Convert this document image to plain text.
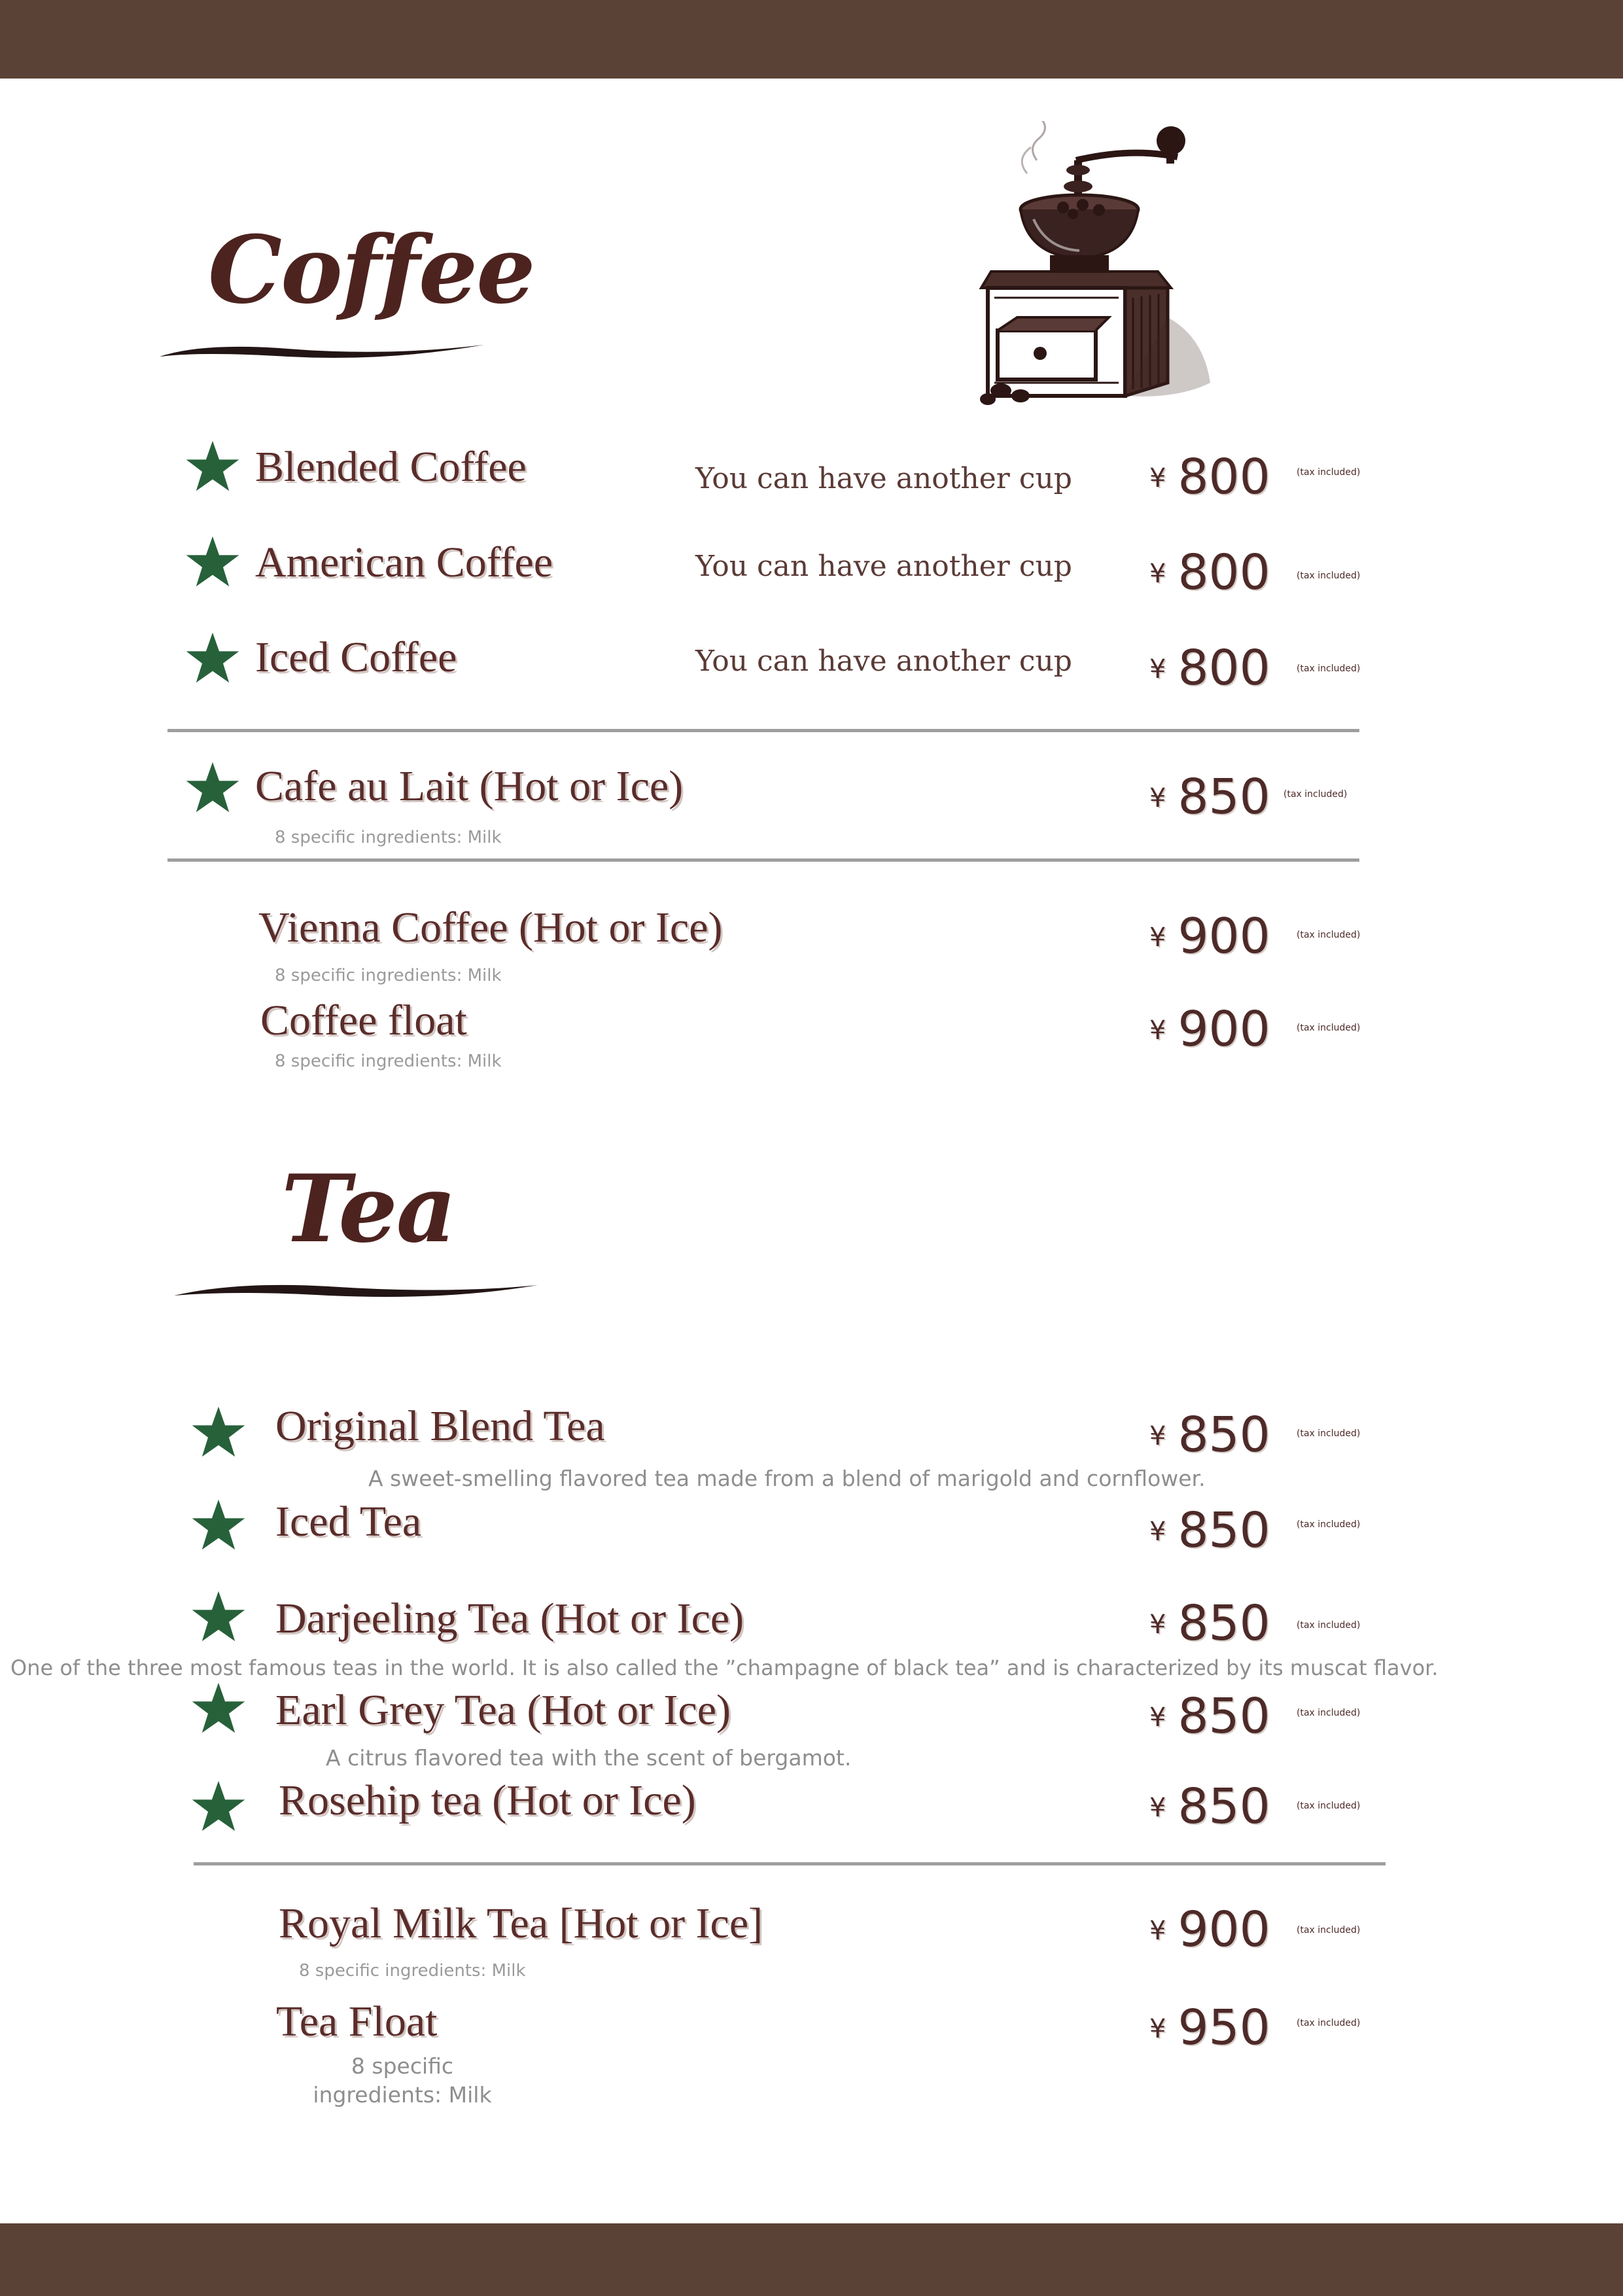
Coffee
Blended Coffee	You can have another cup	¥ 800	(tax included)
American Coffee	You can have another cup	¥ 800	(tax included)
Iced Coffee	You can have another cup	¥ 800	(tax included)
Cafe au Lait (Hot or Ice)
8 specific ingredients: Milk
¥ 850 (tax included)
Vienna Coffee (Hot or Ice)
8 specific ingredients: Milk
¥ 900	(tax included)
Coffee float
8 specific ingredients: Milk
¥ 900	(tax included)
Tea
Original Blend Tea
A sweet-smelling flavored tea made from a blend of marigold and cornflower.
¥ 850	(tax included)
Iced Tea	¥ 850	(tax included)
Darjeeling Tea (Hot or Ice)
One of the three most famous teas in the world. It is also called the ”champagne of black tea” and is characterized by its muscat flavor.
¥ 850	(tax included)
Earl Grey Tea (Hot or Ice)
A citrus flavored tea with the scent of bergamot.
¥ 850	(tax included)
Rosehip tea (Hot or Ice)	¥ 850	(tax included)
Royal Milk Tea [Hot or Ice]
8 specific ingredients: Milk
¥ 900	(tax included)
Tea Float
8 specific
ingredients: Milk
¥ 950	(tax included)
